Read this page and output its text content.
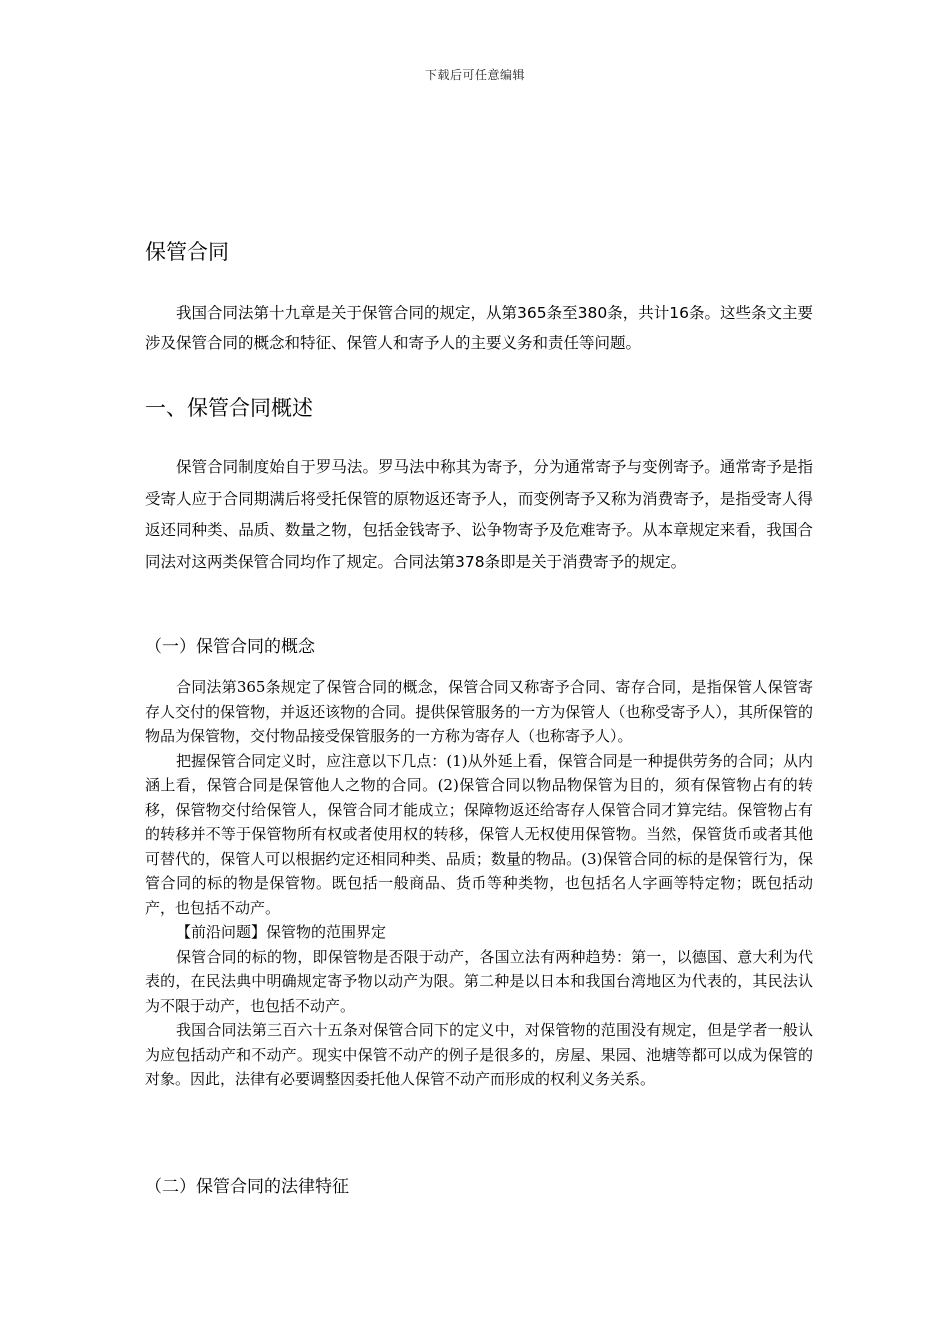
下载后可任意编辑
保管合同

我国合同法第十九章是关于保管合同的规定，从第365条至380条，共计16条。这些条文主要涉及保管合同的概念和特征、保管人和寄予人的主要义务和责任等问题。

一、保管合同概述

保管合同制度始自于罗马法。罗马法中称其为寄予，分为通常寄予与变例寄予。通常寄予是指受寄人应于合同期满后将受托保管的原物返还寄予人，而变例寄予又称为消费寄予，是指受寄人得返还同种类、品质、数量之物，包括金钱寄予、讼争物寄予及危难寄予。从本章规定来看，我国合同法对这两类保管合同均作了规定。合同法第378条即是关于消费寄予的规定。

（一）保管合同的概念

合同法第365条规定了保管合同的概念，保管合同又称寄予合同、寄存合同，是指保管人保管寄存人交付的保管物，并返还该物的合同。提供保管服务的一方为保管人（也称受寄予人），其所保管的物品为保管物，交付物品接受保管服务的一方称为寄存人（也称寄予人）。

把握保管合同定义时，应注意以下几点：(1)从外延上看，保管合同是一种提供劳务的合同；从内涵上看，保管合同是保管他人之物的合同。(2)保管合同以物品物保管为目的，须有保管物占有的转移，保管物交付给保管人，保管合同才能成立；保障物返还给寄存人保管合同才算完结。保管物占有的转移并不等于保管物所有权或者使用权的转移，保管人无权使用保管物。当然，保管货币或者其他可替代的，保管人可以根据约定还相同种类、品质；数量的物品。(3)保管合同的标的是保管行为，保管合同的标的物是保管物。既包括一般商品、货币等种类物，也包括名人字画等特定物；既包括动产，也包括不动产。

【前沿问题】保管物的范围界定

保管合同的标的物，即保管物是否限于动产，各国立法有两种趋势：第一，以德国、意大利为代表的，在民法典中明确规定寄予物以动产为限。第二种是以日本和我国台湾地区为代表的，其民法认为不限于动产，也包括不动产。

我国合同法第三百六十五条对保管合同下的定义中，对保管物的范围没有规定，但是学者一般认为应包括动产和不动产。现实中保管不动产的例子是很多的，房屋、果园、池塘等都可以成为保管的对象。因此，法律有必要调整因委托他人保管不动产而形成的权利义务关系。

（二）保管合同的法律特征
